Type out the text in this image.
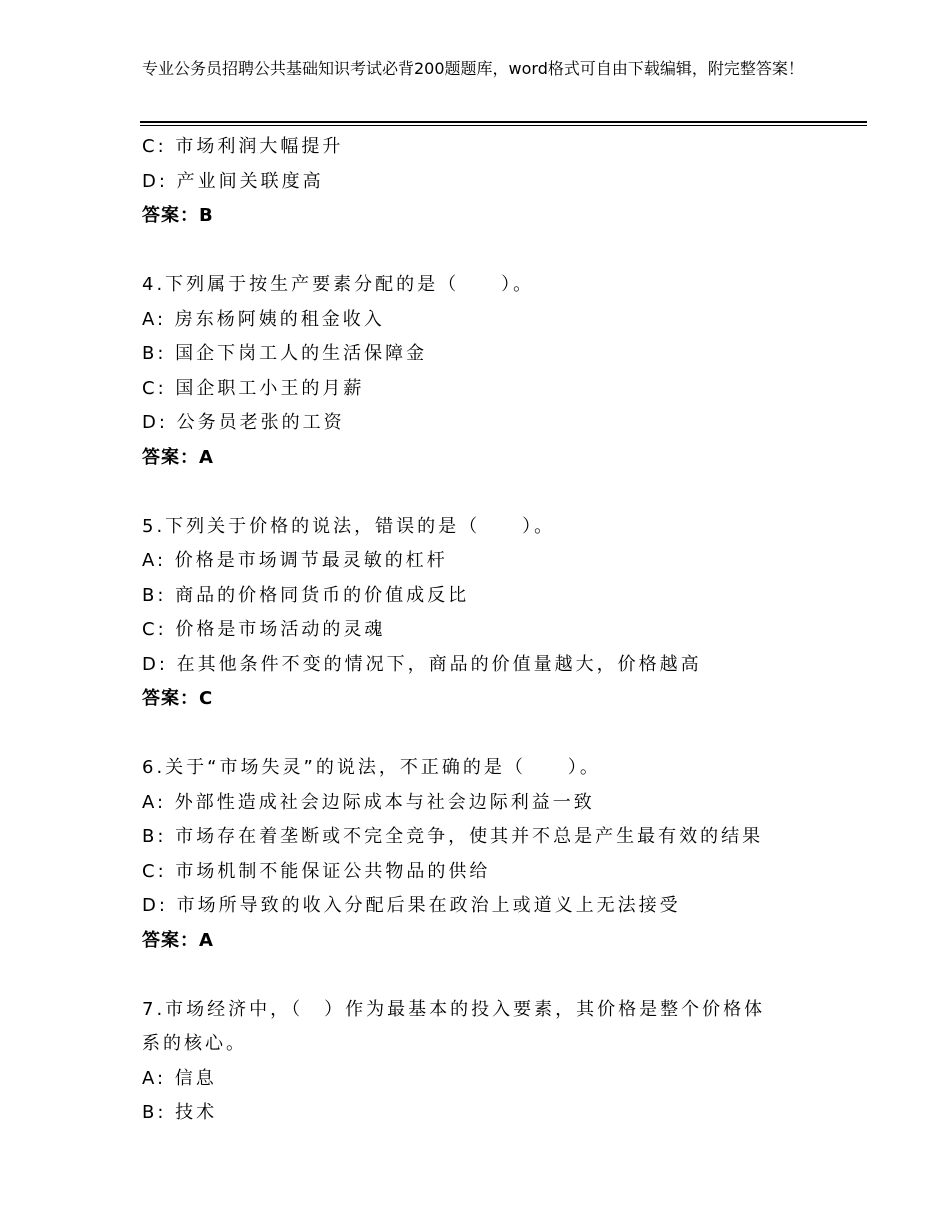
专业公务员招聘公共基础知识考试必背200题题库，word格式可自由下载编辑，附完整答案！
C: 市场利润大幅提升
D: 产业间关联度高
答案：B
4.下列属于按生产要素分配的是（　　）。
A: 房东杨阿姨的租金收入
B: 国企下岗工人的生活保障金
C: 国企职工小王的月薪
D: 公务员老张的工资
答案：A
5.下列关于价格的说法，错误的是（　　）。
A: 价格是市场调节最灵敏的杠杆
B: 商品的价格同货币的价值成反比
C: 价格是市场活动的灵魂
D: 在其他条件不变的情况下，商品的价值量越大，价格越高
答案：C
6.关于“市场失灵”的说法，不正确的是（　　）。
A: 外部性造成社会边际成本与社会边际利益一致
B: 市场存在着垄断或不完全竞争，使其并不总是产生最有效的结果
C: 市场机制不能保证公共物品的供给
D: 市场所导致的收入分配后果在政治上或道义上无法接受
答案：A
7.市场经济中，（　）作为最基本的投入要素，其价格是整个价格体
系的核心。
A: 信息
B: 技术
